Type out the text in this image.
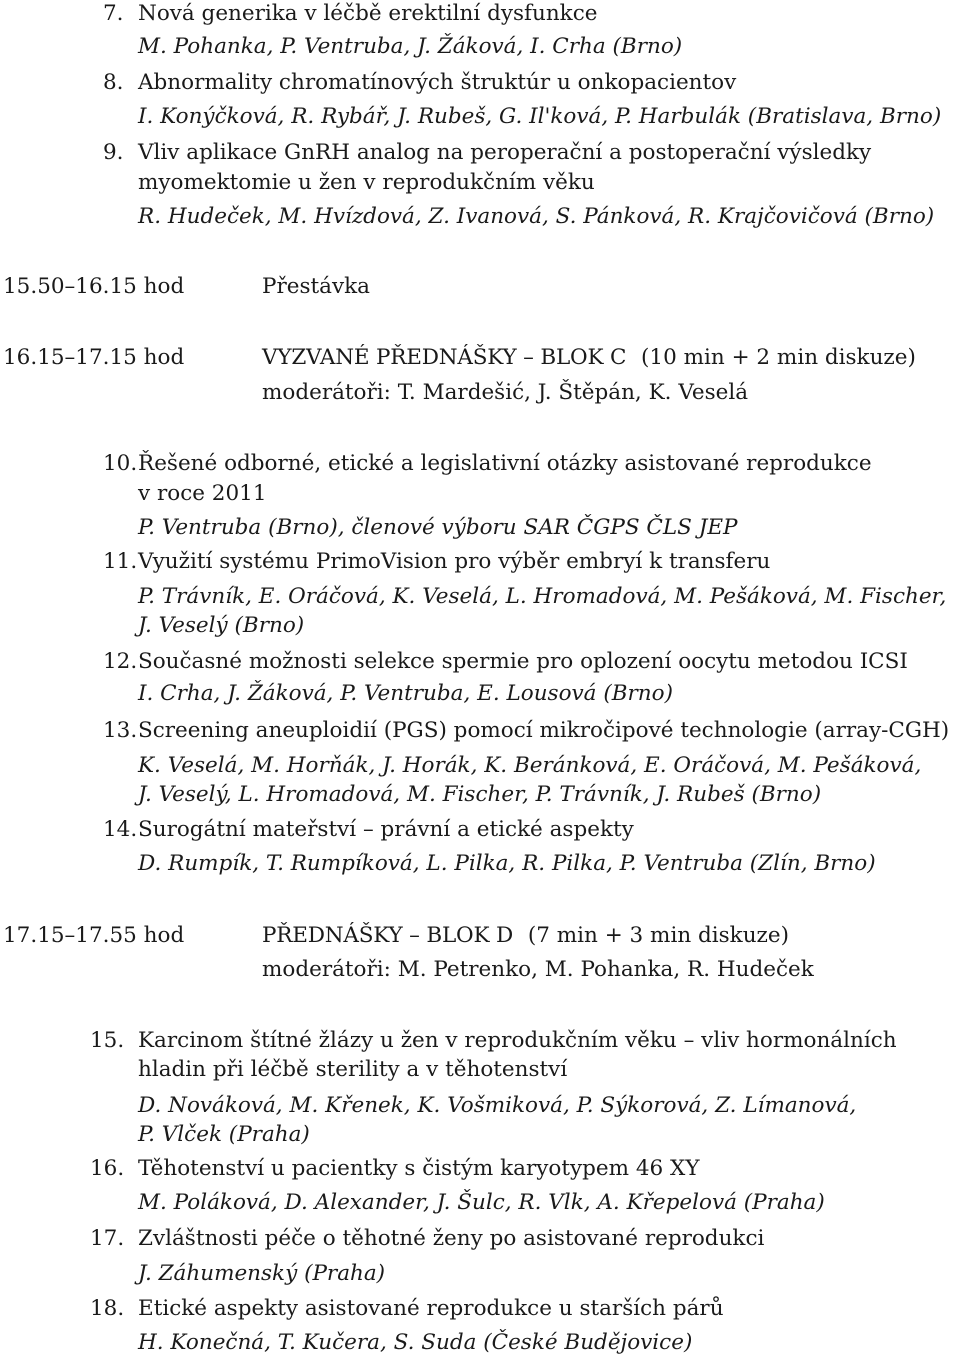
7. Nová generika v léčbě erektilní dysfunkce
M. Pohanka, P. Ventruba, J. Žáková, I. Crha (Brno)
8. Abnormality chromatínových štruktúr u onkopacientov
I. Konýčková, R. Rybář, J. Rubeš, G. Il'ková, P. Harbulák (Bratislava, Brno)
9. Vliv aplikace GnRH analog na peroperační a postoperační výsledky
myomektomie u žen v reprodukčním věku
R. Hudeček, M. Hvízdová, Z. Ivanová, S. Pánková, R. Krajčovičová (Brno)
15.50–16.15 hod	Přestávka
16.15–17.15 hod	VYZVANÉ PŘEDNÁŠKY – BLOK C (10 min + 2 min diskuze)
moderátoři: T. Mardešić, J. Štěpán, K. Veselá
10. Řešené odborné, etické a legislativní otázky asistované reprodukce
v roce 2011
P. Ventruba (Brno), členové výboru SAR ČGPS ČLS JEP
11. Využití systému PrimoVision pro výběr embryí k transferu
P. Trávník, E. Oráčová, K. Veselá, L. Hromadová, M. Pešáková, M. Fischer,
J. Veselý (Brno)
12. Současné možnosti selekce spermie pro oplození oocytu metodou ICSI
I. Crha, J. Žáková, P. Ventruba, E. Lousová (Brno)
13. Screening aneuploidií (PGS) pomocí mikročipové technologie (array-CGH)
K. Veselá, M. Horňák, J. Horák, K. Beránková, E. Oráčová, M. Pešáková,
J. Veselý, L. Hromadová, M. Fischer, P. Trávník, J. Rubeš (Brno)
14. Surogátní mateřství – právní a etické aspekty
D. Rumpík, T. Rumpíková, L. Pilka, R. Pilka, P. Ventruba (Zlín, Brno)
17.15–17.55 hod	PŘEDNÁŠKY – BLOK D (7 min + 3 min diskuze)
moderátoři: M. Petrenko, M. Pohanka, R. Hudeček
15. Karcinom štítné žlázy u žen v reprodukčním věku – vliv hormonálních
hladin při léčbě sterility a v těhotenství
D. Nováková, M. Křenek, K. Vošmiková, P. Sýkorová, Z. Límanová,
P. Vlček (Praha)
16. Těhotenství u pacientky s čistým karyotypem 46 XY
M. Poláková, D. Alexander, J. Šulc, R. Vlk, A. Křepelová (Praha)
17. Zvláštnosti péče o těhotné ženy po asistované reprodukci
J. Záhumenský (Praha)
18. Etické aspekty asistované reprodukce u starších párů
H. Konečná, T. Kučera, S. Suda (České Budějovice)
